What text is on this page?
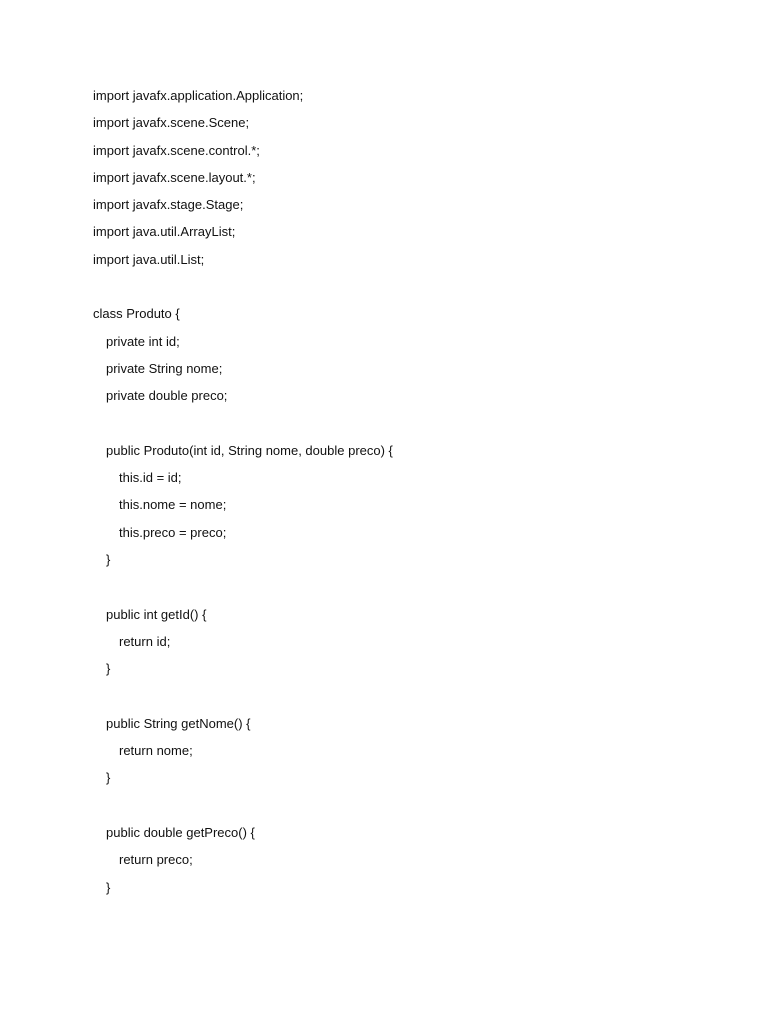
import javafx.application.Application;
import javafx.scene.Scene;
import javafx.scene.control.*;
import javafx.scene.layout.*;
import javafx.stage.Stage;
import java.util.ArrayList;
import java.util.List;
class Produto {
private int id;
private String nome;
private double preco;
public Produto(int id, String nome, double preco) {
this.id = id;
this.nome = nome;
this.preco = preco;
}
public int getId() {
return id;
}
public String getNome() {
return nome;
}
public double getPreco() {
return preco;
}
